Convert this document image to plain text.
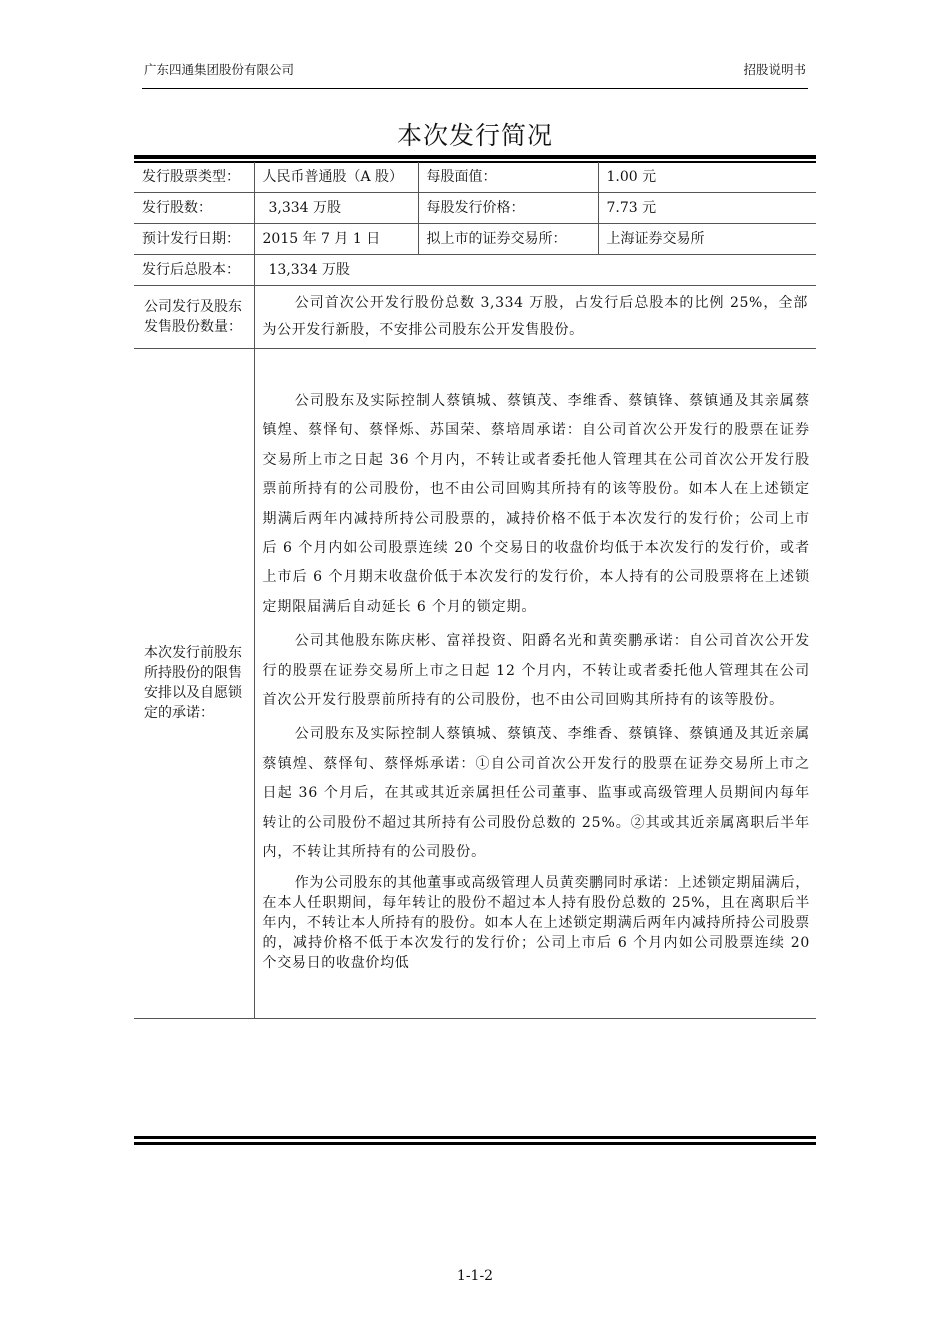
广东四通集团股份有限公司	招股说明书
本次发行简况
发行股票类型：	人民币普通股（A 股）	每股面值：	1.00 元
发行股数：	3,334 万股	每股发行价格：	7.73 元
预计发行日期：	2015 年 7 月 1 日	拟上市的证券交易所：	上海证券交易所
发行后总股本：	13,334 万股		
公司发行及股东发售股份数量：	公司首次公开发行股份总数 3,334 万股，占发行后总股本的比例 25%，全部为公开发行新股，不安排公司股东公开发售股份。		

本次发行前股东所持股份的限售安排以及自愿锁定的承诺：	公司股东及实际控制人蔡镇城、蔡镇茂、李维香、蔡镇锋、蔡镇通及其亲属蔡镇煌、蔡怿旬、蔡怿烁、苏国荣、蔡培周承诺：自公司首次公开发行的股票在证券交易所上市之日起 36 个月内，不转让或者委托他人管理其在公司首次公开发行股票前所持有的公司股份，也不由公司回购其所持有的该等股份。如本人在上述锁定期满后两年内减持所持公司股票的，减持价格不低于本次发行的发行价；公司上市后 6 个月内如公司股票连续 20 个交易日的收盘价均低于本次发行的发行价，或者上市后 6 个月期末收盘价低于本次发行的发行价，本人持有的公司股票将在上述锁定期限届满后自动延长 6 个月的锁定期。

公司其他股东陈庆彬、富祥投资、阳爵名光和黄奕鹏承诺：自公司首次公开发行的股票在证券交易所上市之日起 12 个月内，不转让或者委托他人管理其在公司首次公开发行股票前所持有的公司股份，也不由公司回购其所持有的该等股份。

公司股东及实际控制人蔡镇城、蔡镇茂、李维香、蔡镇锋、蔡镇通及其近亲属蔡镇煌、蔡怿旬、蔡怿烁承诺：①自公司首次公开发行的股票在证券交易所上市之日起 36 个月后，在其或其近亲属担任公司董事、监事或高级管理人员期间内每年转让的公司股份不超过其所持有公司股份总数的 25%。②其或其近亲属离职后半年内，不转让其所持有的公司股份。

作为公司股东的其他董事或高级管理人员黄奕鹏同时承诺：上述锁定期届满后，在本人任职期间，每年转让的股份不超过本人持有股份总数的 25%，且在离职后半年内，不转让本人所持有的股份。如本人在上述锁定期满后两年内减持所持公司股票的，减持价格不低于本次发行的发行价；公司上市后 6 个月内如公司股票连续 20 个交易日的收盘价均低		

1-1-2
